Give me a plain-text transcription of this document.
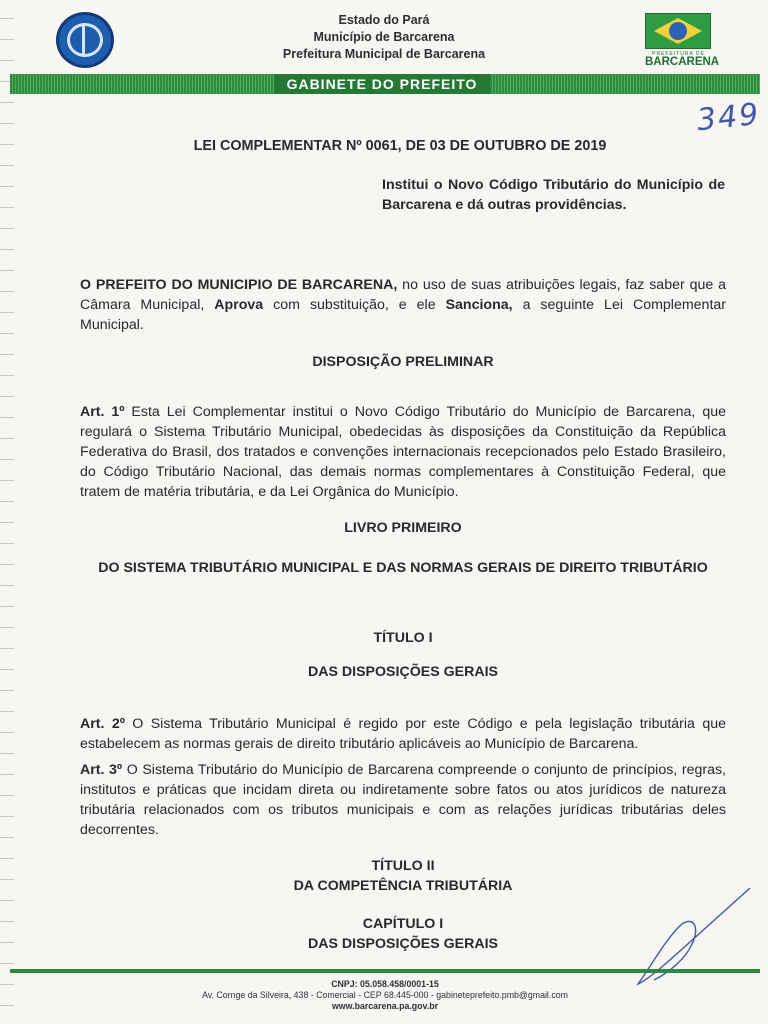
Estado do Pará
Município de Barcarena
Prefeitura Municipal de Barcarena	PREFEITURA DE
BARCARENA
GABINETE DO PREFEITO
349

LEI COMPLEMENTAR Nº 0061, DE 03 DE OUTUBRO DE 2019

Institui o Novo Código Tributário do Município de Barcarena e dá outras providências.

O PREFEITO DO MUNICIPIO DE BARCARENA, no uso de suas atribuições legais, faz saber que a Câmara Municipal, Aprova com substituição, e ele Sanciona, a seguinte Lei Complementar Municipal.

DISPOSIÇÃO PRELIMINAR

Art. 1º Esta Lei Complementar institui o Novo Código Tributário do Município de Barcarena, que regulará o Sistema Tributário Municipal, obedecidas às disposições da Constituição da República Federativa do Brasil, dos tratados e convenções internacionais recepcionados pelo Estado Brasileiro, do Código Tributário Nacional, das demais normas complementares à Constituição Federal, que tratem de matéria tributária, e da Lei Orgânica do Município.

LIVRO PRIMEIRO

DO SISTEMA TRIBUTÁRIO MUNICIPAL E DAS NORMAS GERAIS DE DIREITO TRIBUTÁRIO

TÍTULO I

DAS DISPOSIÇÕES GERAIS

Art. 2º O Sistema Tributário Municipal é regido por este Código e pela legislação tributária que estabelecem as normas gerais de direito tributário aplicáveis ao Município de Barcarena.

Art. 3º O Sistema Tributário do Município de Barcarena compreende o conjunto de princípios, regras, institutos e práticas que incidam direta ou indiretamente sobre fatos ou atos jurídicos de natureza tributária relacionados com os tributos municipais e com as relações jurídicas tributárias deles decorrentes.

TÍTULO II
DA COMPETÊNCIA TRIBUTÁRIA
CAPÍTULO I
DAS DISPOSIÇÕES GERAIS
CNPJ: 05.058.458/0001-15
Av. Cornge da Silveira, 438 - Comercial - CEP 68.445-000 - gabineteprefeito.pmb@gmail.com
www.barcarena.pa.gov.br
